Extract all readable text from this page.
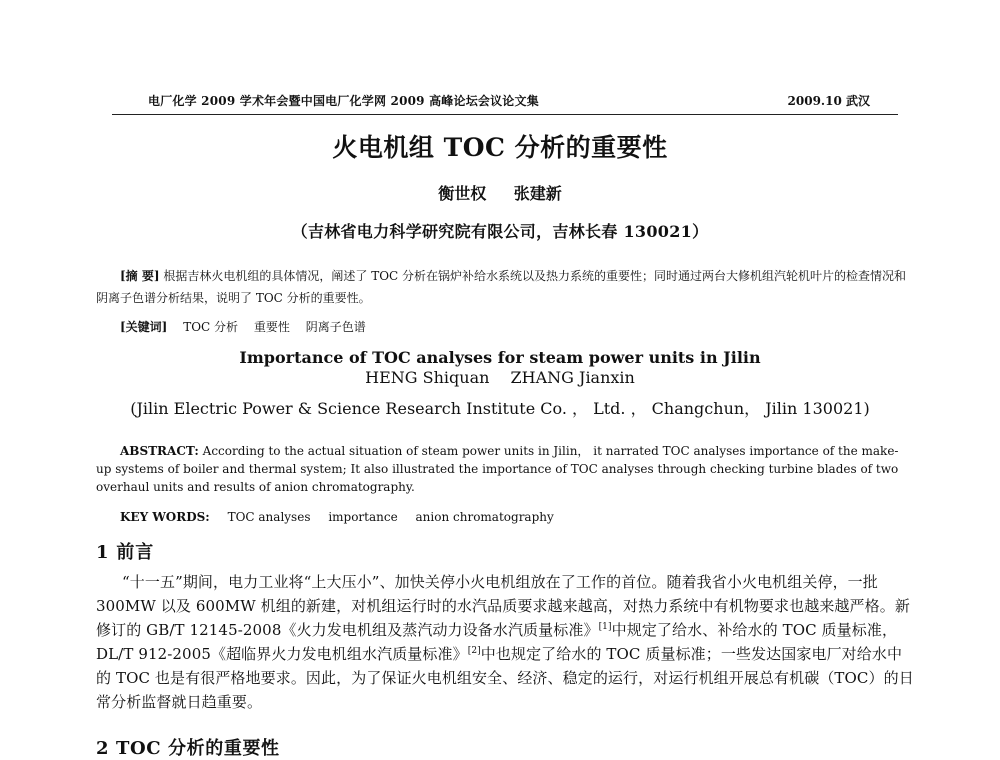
电厂化学 2009 学术年会暨中国电厂化学网 2009 高峰论坛会议论文集	2009.10 武汉
火电机组 TOC 分析的重要性
衡世权 张建新
（吉林省电力科学研究院有限公司，吉林长春 130021）
[摘 要] 根据吉林火电机组的具体情况，阐述了 TOC 分析在锅炉补给水系统以及热力系统的重要性；同时通过两台大修机组汽轮机叶片的检查情况和阴离子色谱分析结果，说明了 TOC 分析的重要性。
[关键词] TOC 分析 重要性 阴离子色谱
Importance of TOC analyses for steam power units in Jilin
HENG Shiquan ZHANG Jianxin
(Jilin Electric Power & Science Research Institute Co. ， Ltd. ， Changchun， Jilin 130021)
ABSTRACT: According to the actual situation of steam power units in Jilin， it narrated TOC analyses importance of the make-up systems of boiler and thermal system; It also illustrated the importance of TOC analyses through checking turbine blades of two overhaul units and results of anion chromatography.
KEY WORDS: TOC analyses importance anion chromatography
1 前言
“十一五”期间，电力工业将“上大压小”、加快关停小火电机组放在了工作的首位。随着我省小火电机组关停，一批 300MW 以及 600MW 机组的新建，对机组运行时的水汽品质要求越来越高，对热力系统中有机物要求也越来越严格。新修订的 GB/T 12145-2008《火力发电机组及蒸汽动力设备水汽质量标准》[1]中规定了给水、补给水的 TOC 质量标准，DL/T 912-2005《超临界火力发电机组水汽质量标准》[2]中也规定了给水的 TOC 质量标准；一些发达国家电厂对给水中的 TOC 也是有很严格地要求。因此，为了保证火电机组安全、经济、稳定的运行，对运行机组开展总有机碳（TOC）的日常分析监督就日趋重要。
2 TOC 分析的重要性
